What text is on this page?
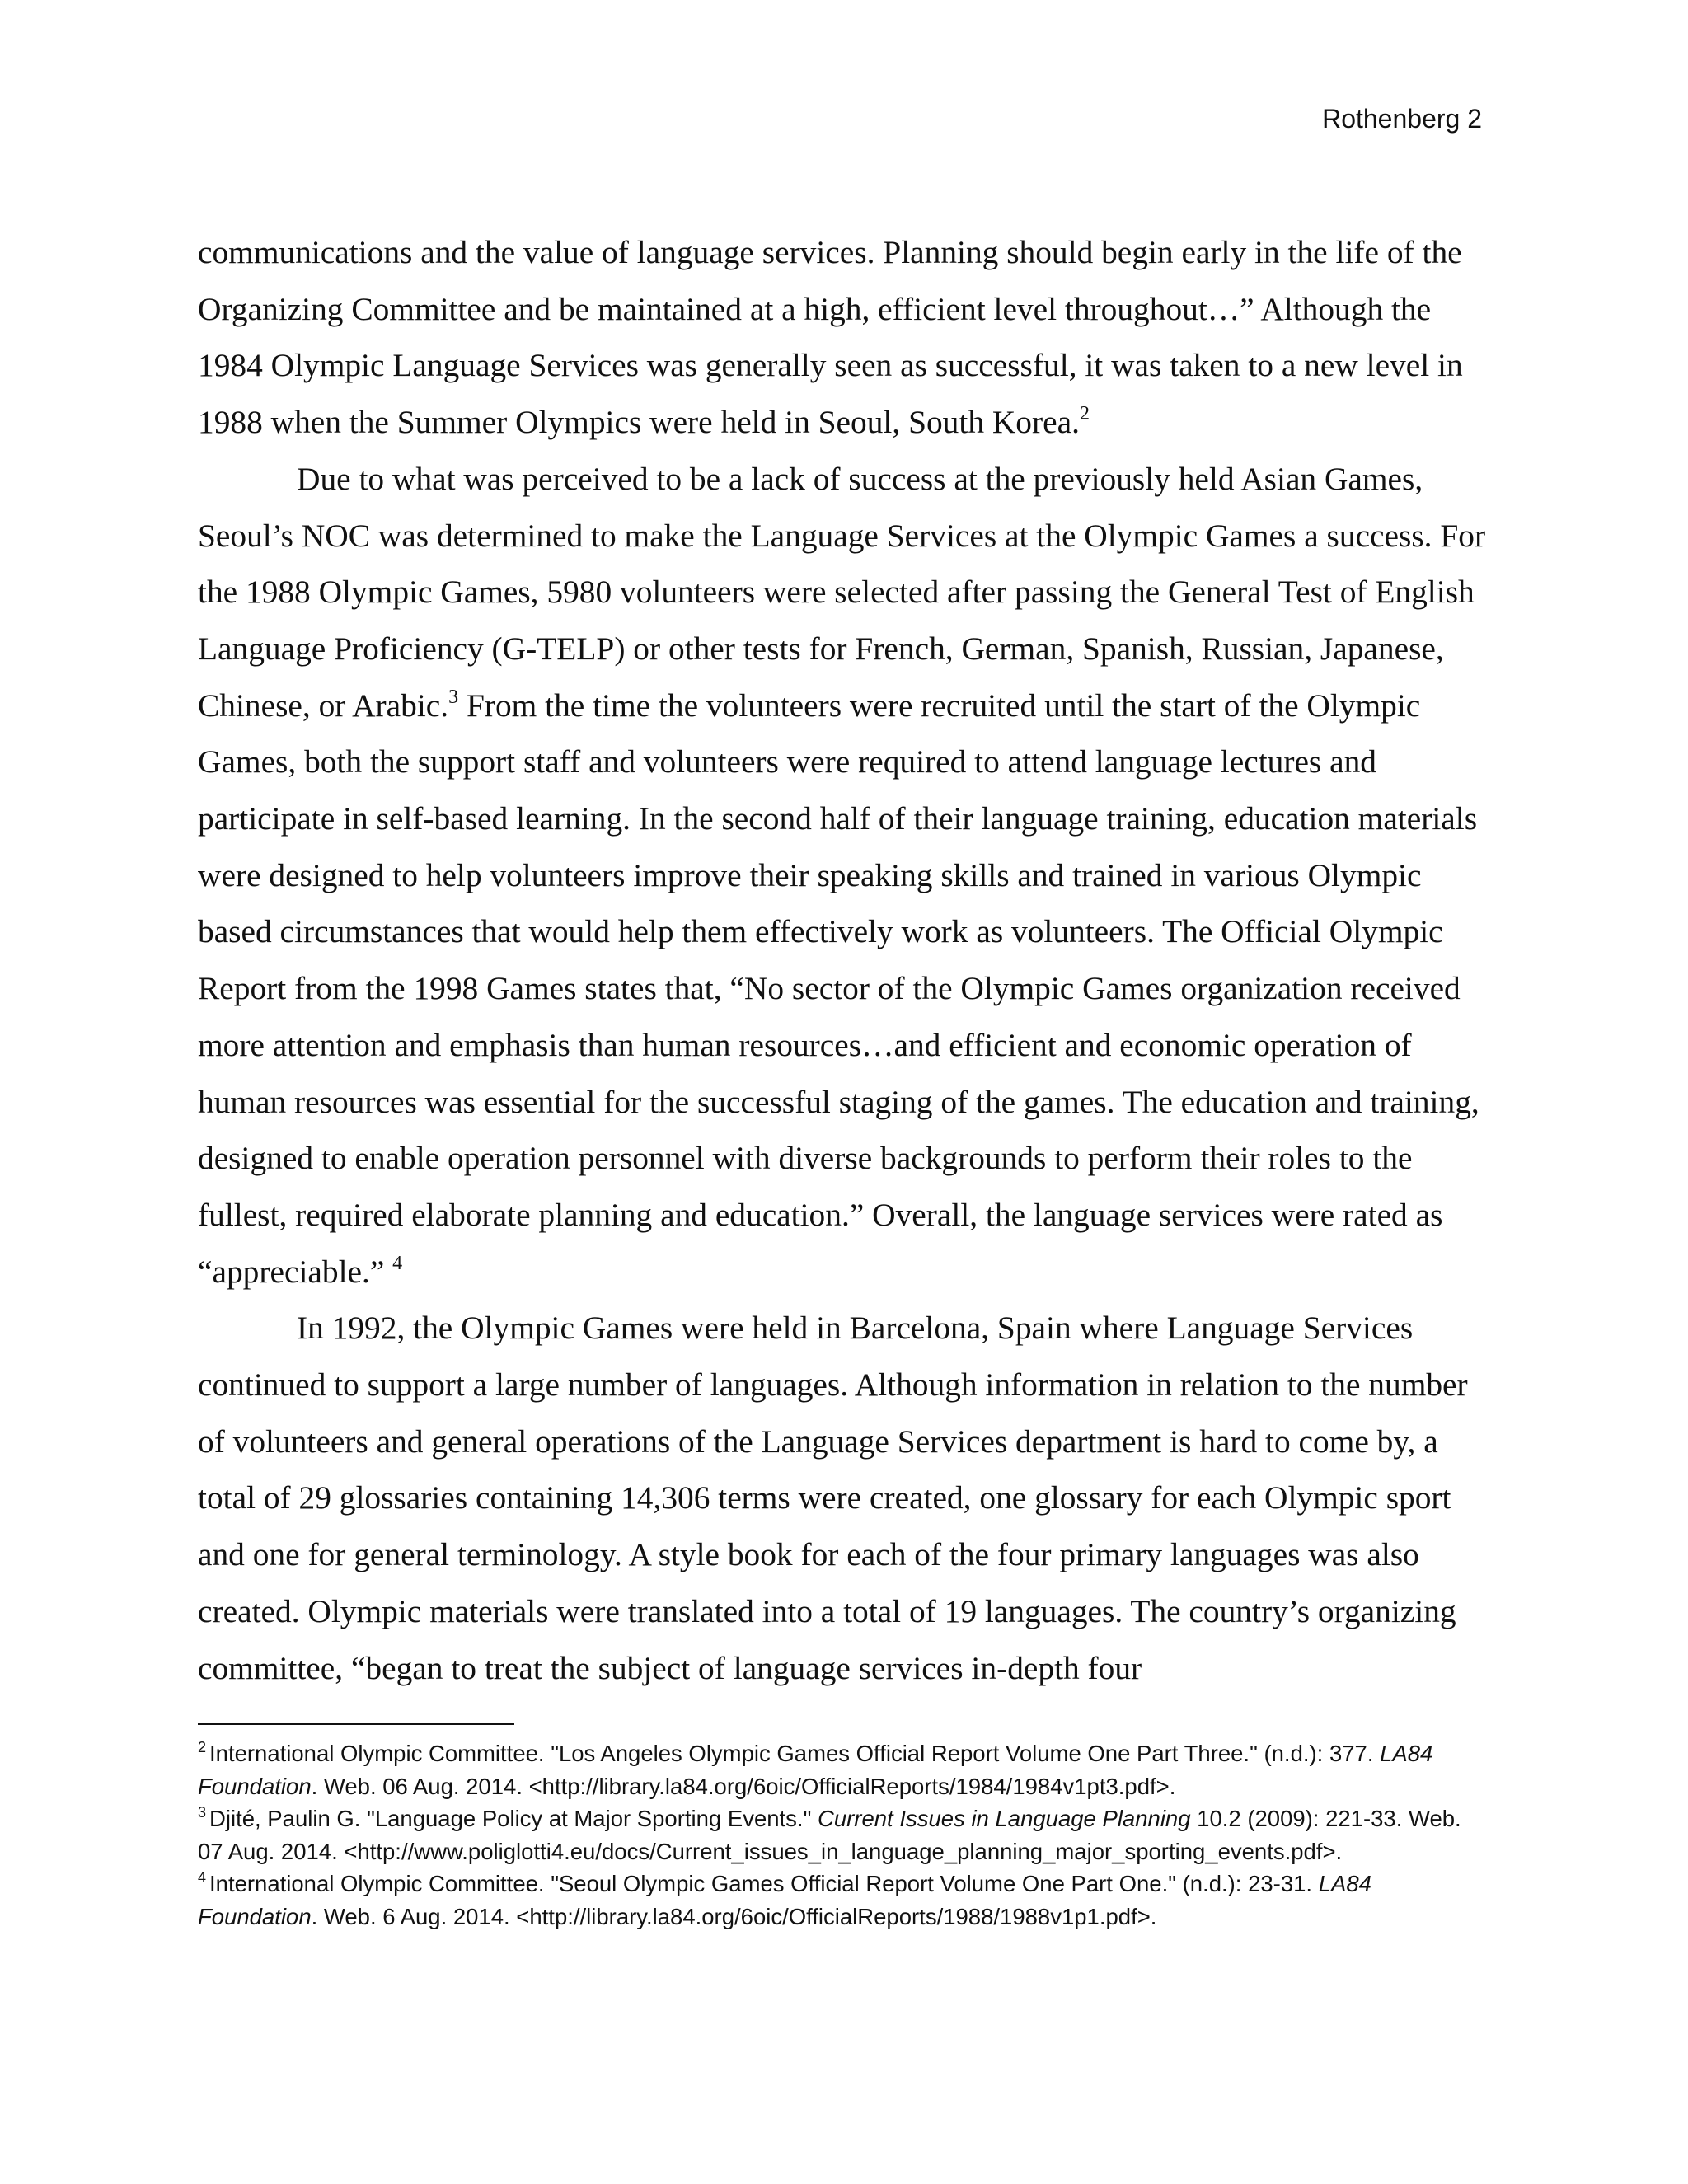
Rothenberg 2

communications and the value of language services. Planning should begin early in the life of the Organizing Committee and be maintained at a high, efficient level throughout…” Although the 1984 Olympic Language Services was generally seen as successful, it was taken to a new level in 1988 when the Summer Olympics were held in Seoul, South Korea.$^2$

Due to what was perceived to be a lack of success at the previously held Asian Games, Seoul’s NOC was determined to make the Language Services at the Olympic Games a success. For the 1988 Olympic Games, 5980 volunteers were selected after passing the General Test of English Language Proficiency (G-TELP) or other tests for French, German, Spanish, Russian, Japanese, Chinese, or Arabic.$^3$ From the time the volunteers were recruited until the start of the Olympic Games, both the support staff and volunteers were required to attend language lectures and participate in self-based learning. In the second half of their language training, education materials were designed to help volunteers improve their speaking skills and trained in various Olympic based circumstances that would help them effectively work as volunteers. The Official Olympic Report from the 1998 Games states that, “No sector of the Olympic Games organization received more attention and emphasis than human resources…and efficient and economic operation of human resources was essential for the successful staging of the games. The education and training, designed to enable operation personnel with diverse backgrounds to perform their roles to the fullest, required elaborate planning and education.” Overall, the language services were rated as “appreciable.” $^4$

In 1992, the Olympic Games were held in Barcelona, Spain where Language Services continued to support a large number of languages. Although information in relation to the number of volunteers and general operations of the Language Services department is hard to come by, a total of 29 glossaries containing 14,306 terms were created, one glossary for each Olympic sport and one for general terminology. A style book for each of the four primary languages was also created. Olympic materials were translated into a total of 19 languages. The country’s organizing committee, “began to treat the subject of language services in-depth four

$^2$ International Olympic Committee. "Los Angeles Olympic Games Official Report Volume One Part Three." (n.d.): 377. LA84 Foundation. Web. 06 Aug. 2014. <http://library.la84.org/6oic/OfficialReports/1984/1984v1pt3.pdf>.

$^3$ Djité, Paulin G. "Language Policy at Major Sporting Events." Current Issues in Language Planning 10.2 (2009): 221-33. Web. 07 Aug. 2014. <http://www.poliglotti4.eu/docs/Current_issues_in_language_planning_major_sporting_events.pdf>.

$^4$ International Olympic Committee. "Seoul Olympic Games Official Report Volume One Part One." (n.d.): 23-31. LA84 Foundation. Web. 6 Aug. 2014. <http://library.la84.org/6oic/OfficialReports/1988/1988v1p1.pdf>.
